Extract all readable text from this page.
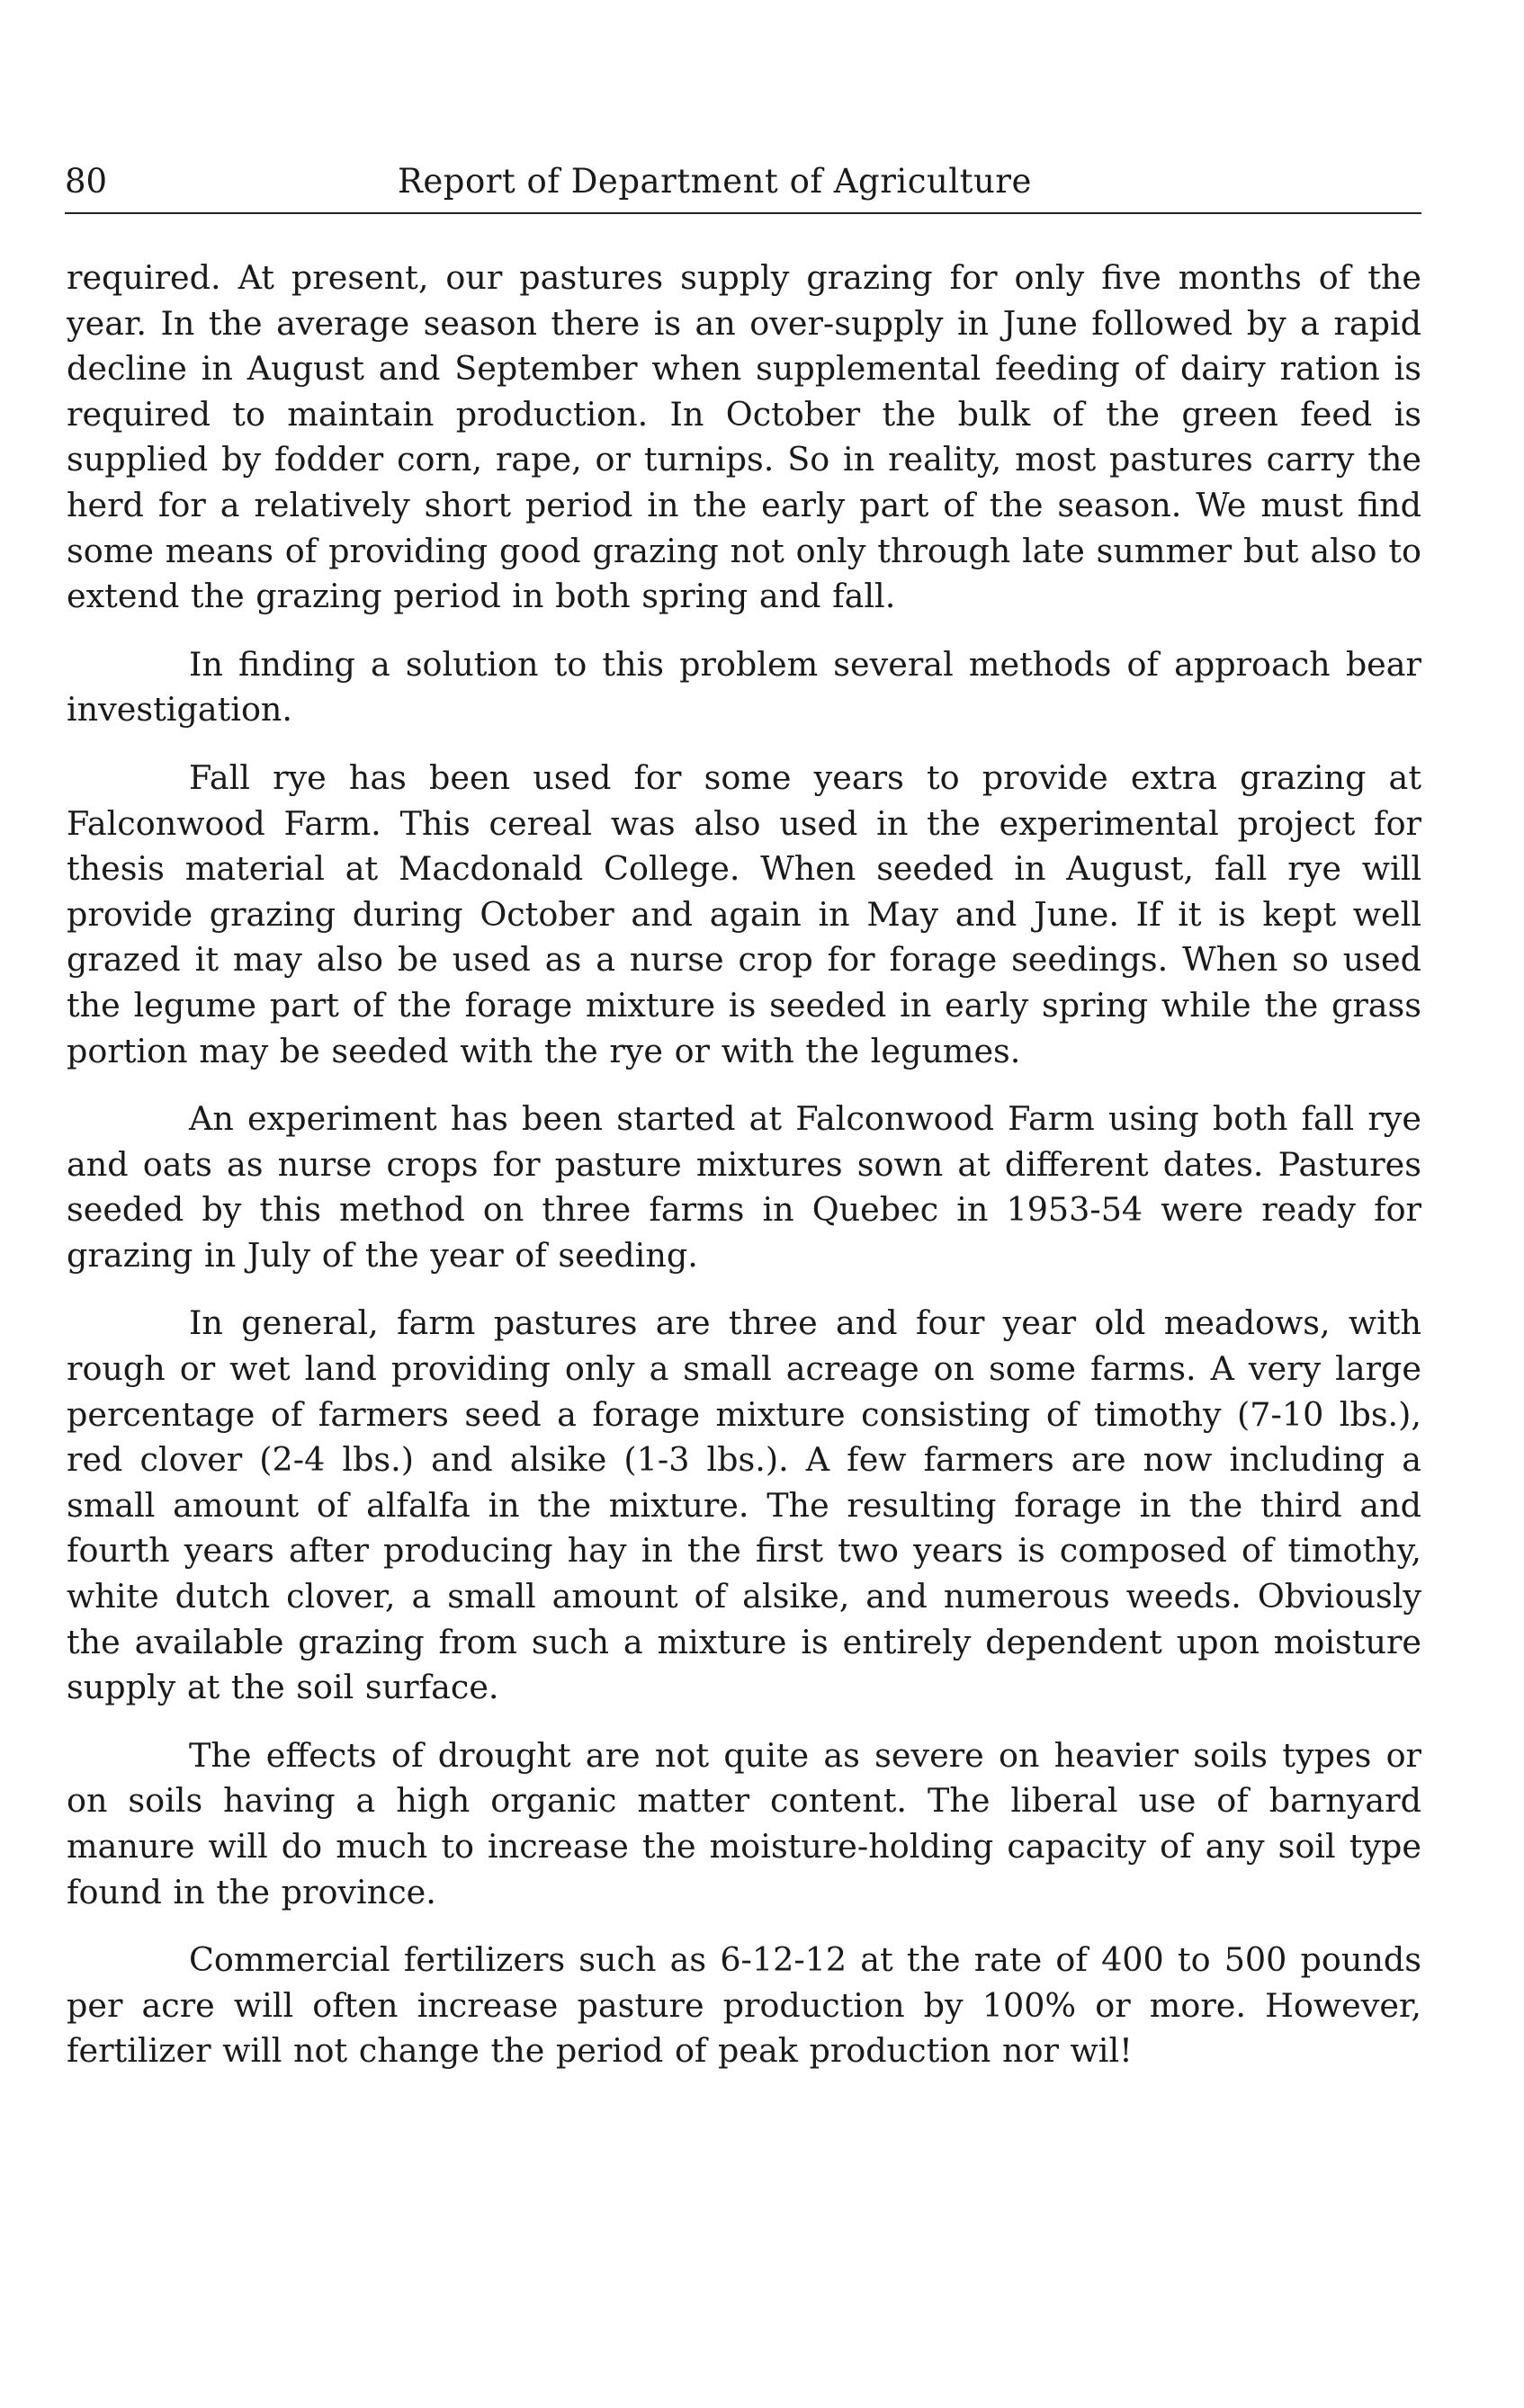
80	Report of Department of Agriculture

required. At present, our pastures supply grazing for only five months of the year. In the average season there is an over-supply in June followed by a rapid decline in August and September when supplemental feeding of dairy ration is required to maintain production. In October the bulk of the green feed is supplied by fodder corn, rape, or turnips. So in reality, most pastures carry the herd for a relatively short period in the early part of the season. We must find some means of providing good grazing not only through late summer but also to extend the grazing period in both spring and fall.

In finding a solution to this problem several methods of approach bear investigation.

Fall rye has been used for some years to provide extra grazing at Falconwood Farm. This cereal was also used in the experimental project for thesis material at Macdonald College. When seeded in August, fall rye will provide grazing during October and again in May and June. If it is kept well grazed it may also be used as a nurse crop for forage seedings. When so used the legume part of the forage mixture is seeded in early spring while the grass portion may be seeded with the rye or with the legumes.

An experiment has been started at Falconwood Farm using both fall rye and oats as nurse crops for pasture mixtures sown at different dates. Pastures seeded by this method on three farms in Quebec in 1953-54 were ready for grazing in July of the year of seeding.

In general, farm pastures are three and four year old meadows, with rough or wet land providing only a small acreage on some farms. A very large percentage of farmers seed a forage mixture consisting of timothy (7-10 lbs.), red clover (2-4 lbs.) and alsike (1-3 lbs.). A few farmers are now including a small amount of alfalfa in the mixture. The resulting forage in the third and fourth years after producing hay in the first two years is composed of timothy, white dutch clover, a small amount of alsike, and numerous weeds. Obviously the available grazing from such a mixture is entirely dependent upon moisture supply at the soil surface.

The effects of drought are not quite as severe on heavier soils types or on soils having a high organic matter content. The liberal use of barnyard manure will do much to increase the moisture-holding capacity of any soil type found in the province.

Commercial fertilizers such as 6-12-12 at the rate of 400 to 500 pounds per acre will often increase pasture production by 100% or more. However, fertilizer will not change the period of peak production nor wil!
